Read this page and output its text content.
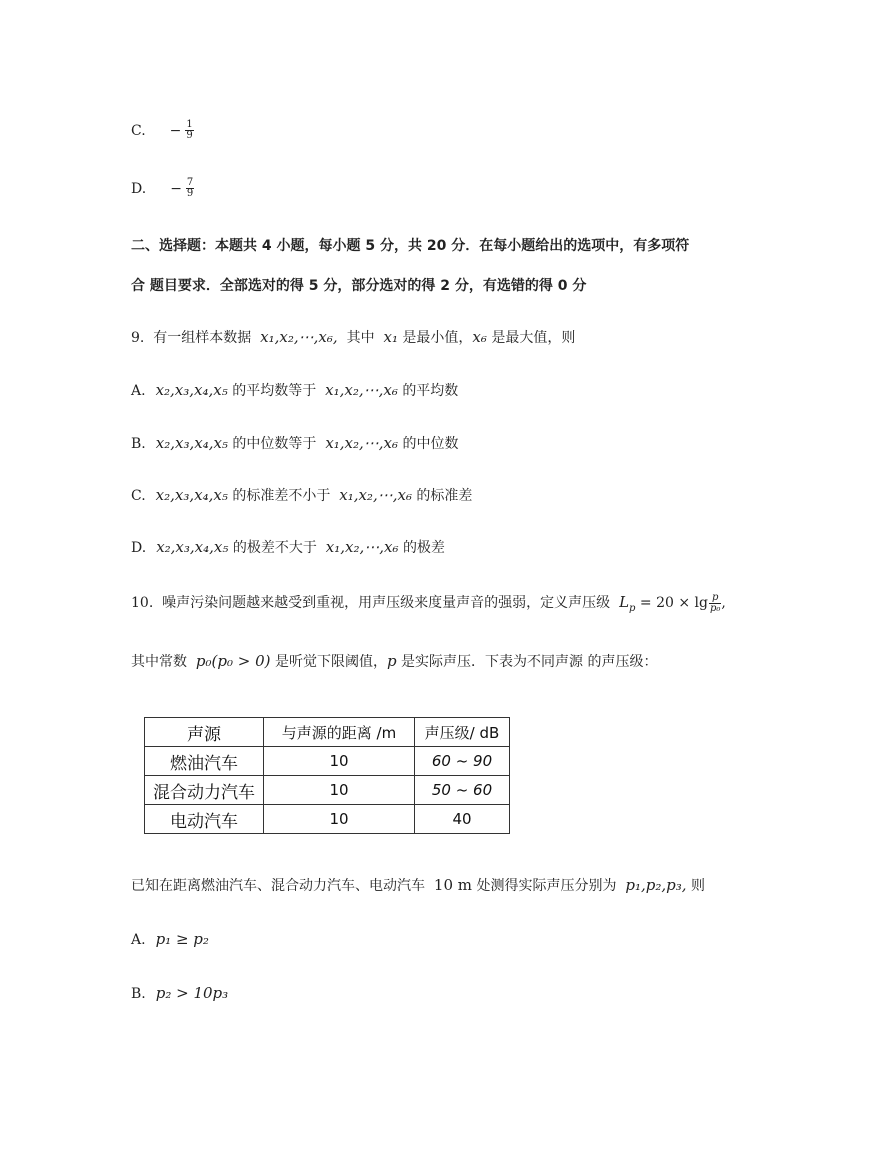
C. − $\frac{1}{9}$
D. − $\frac{7}{9}$
二、选择题：本题共 4 小题，每小题 5 分，共 20 分．在每小题给出的选项中，有多项符
合 题目要求．全部选对的得 5 分，部分选对的得 2 分，有选错的得 0 分
9. 有一组样本数据 x₁,x₂,⋯,x₆, 其中 x₁ 是最小值，x₆ 是最大值，则
A. x₂,x₃,x₄,x₅ 的平均数等于 x₁,x₂,⋯,x₆ 的平均数
B. x₂,x₃,x₄,x₅ 的中位数等于 x₁,x₂,⋯,x₆ 的中位数
C. x₂,x₃,x₄,x₅ 的标准差不小于 x₁,x₂,⋯,x₆ 的标准差
D. x₂,x₃,x₄,x₅ 的极差不大于 x₁,x₂,⋯,x₆ 的极差
10. 噪声污染问题越来越受到重视，用声压级来度量声音的强弱，定义声压级 $L_p = 20 \times \lg \frac{p}{\text{p₀}}$ ,
其中常数 p₀(p₀ > 0) 是听觉下限阈值，p 是实际声压．下表为不同声源 的声压级：
声源	与声源的距离 /m	声压级/ dB
燃油汽车	10	60 ~ 90
混合动力汽车	10	50 ~ 60
电动汽车	10	40
已知在距离燃油汽车、混合动力汽车、电动汽车 10 m 处测得实际声压分别为 p₁,p₂,p₃, 则
A. p₁ ≥ p₂
B. p₂ > 10p₃
